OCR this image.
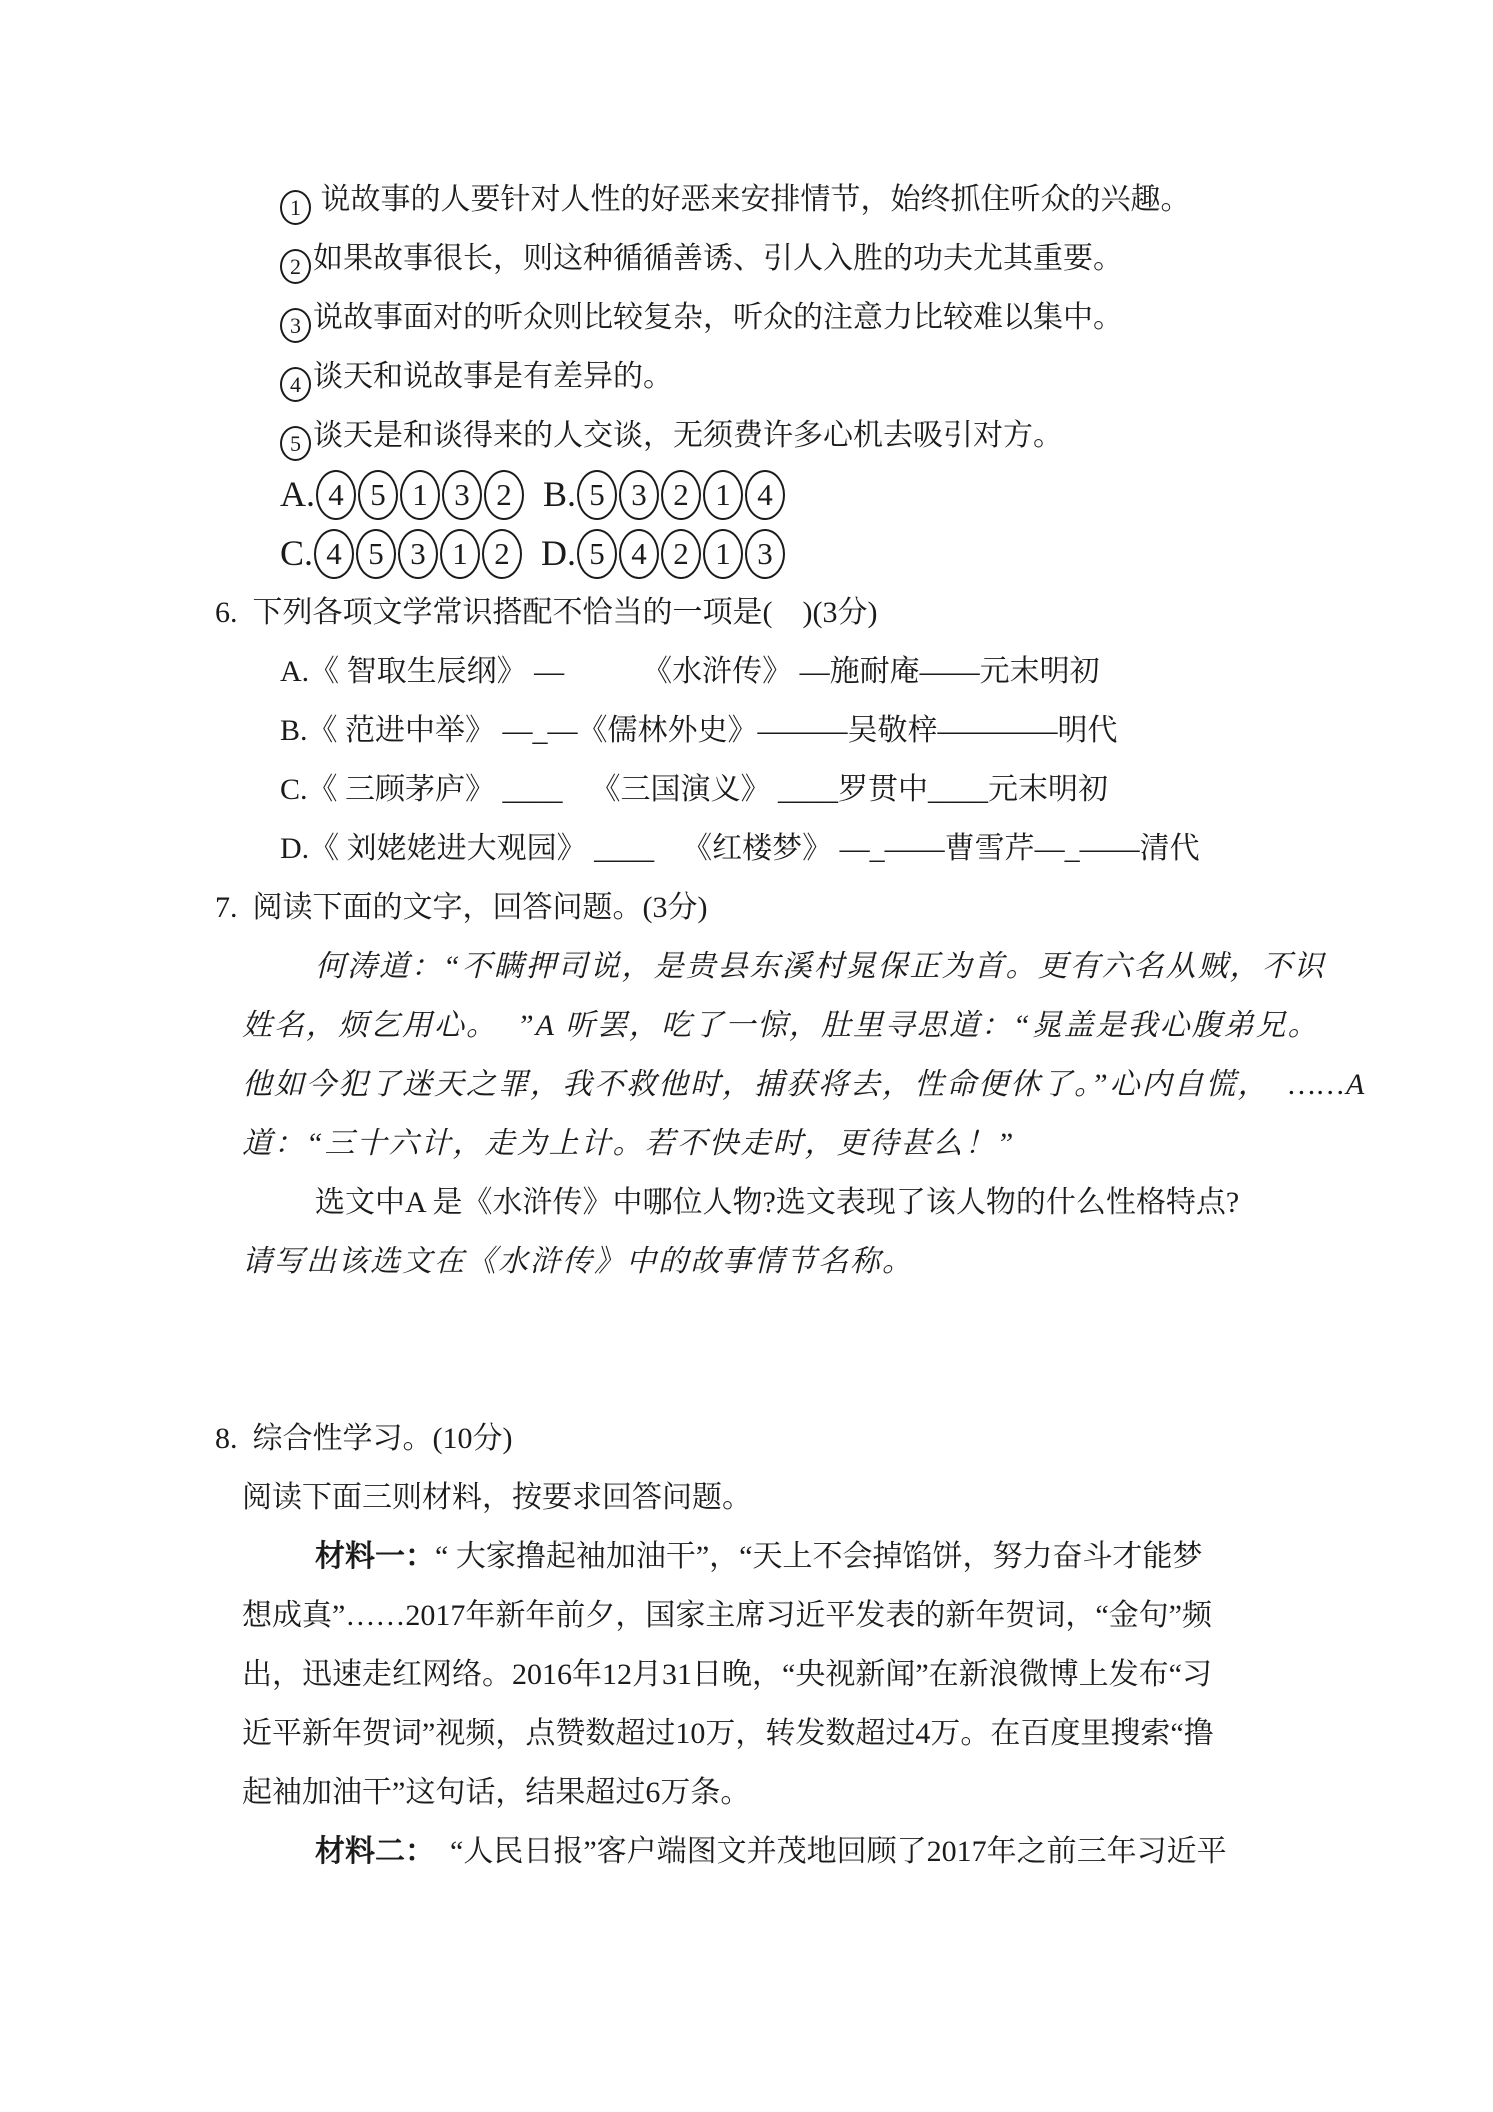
1 说故事的人要针对人性的好恶来安排情节，始终抓住听众的兴趣。
2 如果故事很长，则这种循循善诱、引人入胜的功夫尤其重要。
3 说故事面对的听众则比较复杂，听众的注意力比较难以集中。
4 谈天和说故事是有差异的。
5 谈天是和谈得来的人交谈，无须费许多心机去吸引对方。
A. 4 5 1 3 2 B. 5 3 2 1 4
C. 4 5 3 1 2 D. 5 4 2 1 3
6.  下列各项文学常识搭配不恰当的一项是(    )(3分)
A.《 智取生辰纲》 —	《水浒传》 —施耐庵——元末明初
B.《 范进中举》 —_—《儒林外史》———吴敬梓————明代
C.《 三顾茅庐》 ____ 《三国演义》 ____罗贯中____元末明初
D.《 刘姥姥进大观园》 ____ 《红楼梦》 —_——曹雪芹—_——清代
7.  阅读下面的文字，回答问题。(3分)
何涛道：“不瞒押司说，是贵县东溪村晁保正为首。更有六名从贼，不识
姓名，烦乞用心。  ”A 听罢，吃了一惊，肚里寻思道：“晁盖是我心腹弟兄。
他如今犯了迷天之罪，我不救他时，捕获将去，性命便休了。”心内自慌，  ……A
道：“三十六计，走为上计。若不快走时，更待甚么！”
选文中A 是《水浒传》中哪位人物?选文表现了该人物的什么性格特点?
请写出该选文在《水浒传》中的故事情节名称。
8.  综合性学习。(10分)
阅读下面三则材料，按要求回答问题。
材料一：“ 大家撸起袖加油干”，“天上不会掉馅饼，努力奋斗才能梦
想成真”……2017年新年前夕，国家主席习近平发表的新年贺词，“金句”频
出，迅速走红网络。2016年12月31日晚，“央视新闻”在新浪微博上发布“习
近平新年贺词”视频，点赞数超过10万，转发数超过4万。在百度里搜索“撸
起袖加油干”这句话，结果超过6万条。
材料二：  “人民日报”客户端图文并茂地回顾了2017年之前三年习近平
